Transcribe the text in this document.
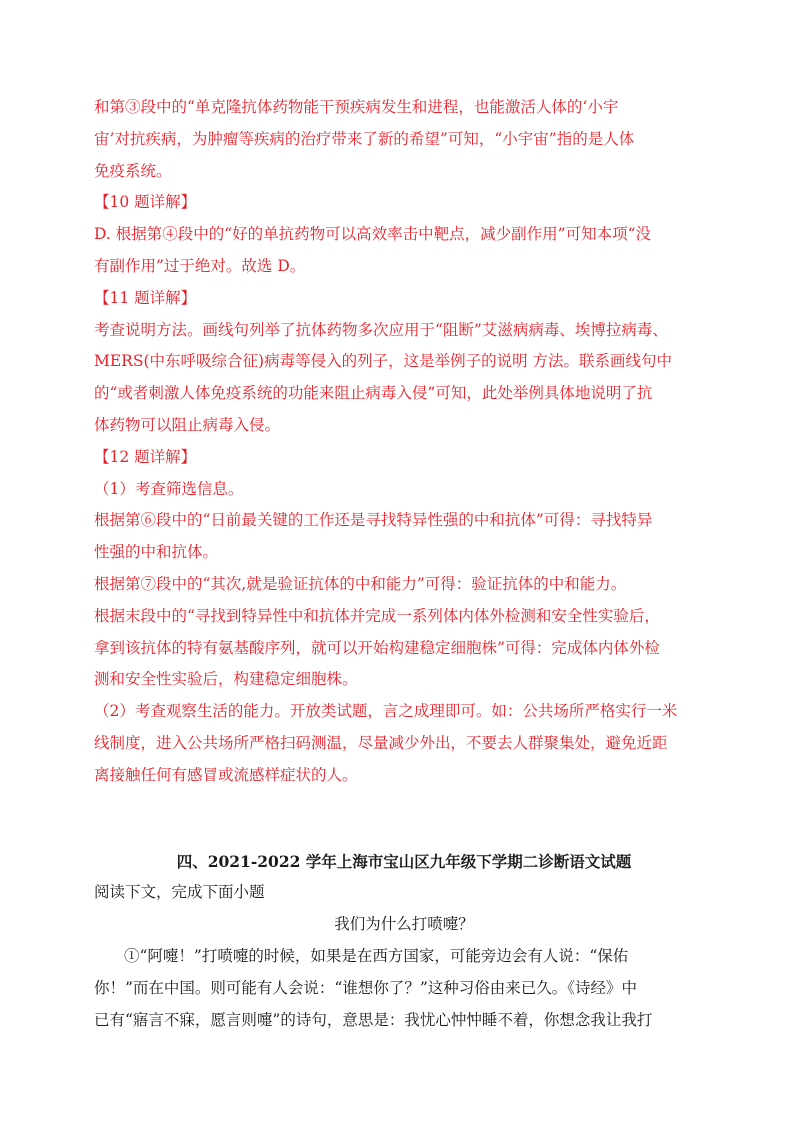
和第③段中的“单克隆抗体药物能干预疾病发生和进程，也能激活人体的‘小宇

宙’对抗疾病，为肿瘤等疾病的治疗带来了新的希望”可知，“小宇宙”指的是人体

免疫系统。

【10 题详解】

D. 根据第④段中的“好的单抗药物可以高效率击中靶点，减少副作用”可知本项“没

有副作用”过于绝对。故选 D。

【11 题详解】

考查说明方法。画线句列举了抗体药物多次应用于“阻断”艾滋病病毒、埃博拉病毒、

MERS(中东呼吸综合征)病毒等侵入的列子，这是举例子的说明 方法。联系画线句中

的“或者刺激人体免疫系统的功能来阻止病毒入侵”可知，此处举例具体地说明了抗

体药物可以阻止病毒入侵。

【12 题详解】

（1）考查筛选信息。

根据第⑥段中的“日前最关键的工作还是寻找特异性强的中和抗体”可得：寻找特异

性强的中和抗体。

根据第⑦段中的“其次,就是验证抗体的中和能力”可得：验证抗体的中和能力。

根据末段中的“寻找到特异性中和抗体并完成一系列体内体外检测和安全性实验后，

拿到该抗体的特有氨基酸序列，就可以开始构建稳定细胞株”可得：完成体内体外检

测和安全性实验后，构建稳定细胞株。

（2）考查观察生活的能力。开放类试题，言之成理即可。如：公共场所严格实行一米

线制度，进入公共场所严格扫码测温，尽量减少外出，不要去人群聚集处，避免近距

离接触任何有感冒或流感样症状的人。

四、2021-2022 学年上海市宝山区九年级下学期二诊断语文试题

阅读下文，完成下面小题

我们为什么打喷嚏？

①“阿嚏！”打喷嚏的时候，如果是在西方国家，可能旁边会有人说：“保佑

你！”而在中国。则可能有人会说：“谁想你了？”这种习俗由来已久。《诗经》中

已有“寤言不寐，愿言则嚏”的诗句，意思是：我忧心忡忡睡不着，你想念我让我打
